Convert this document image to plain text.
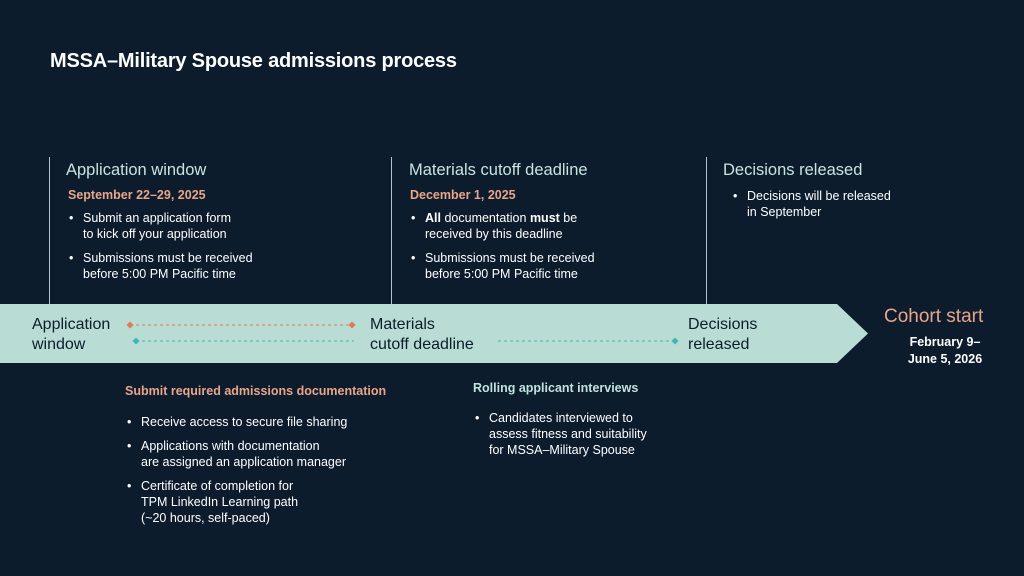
MSSA–Military Spouse admissions process
Application window
September 22–29, 2025
• Submit an application form
to kick off your application
• Submissions must be received
before 5:00 PM Pacific time
Materials cutoff deadline
December 1, 2025
• All documentation must be
received by this deadline
• Submissions must be received
before 5:00 PM Pacific time
Decisions released
• Decisions will be released
in September
Application
window
Materials
cutoff deadline
Decisions
released
Cohort start
February 9–
June 5, 2026
Submit required admissions documentation
• Receive access to secure file sharing
• Applications with documentation
are assigned an application manager
• Certificate of completion for
TPM LinkedIn Learning path
(~20 hours, self-paced)
Rolling applicant interviews
• Candidates interviewed to
assess fitness and suitability
for MSSA–Military Spouse
